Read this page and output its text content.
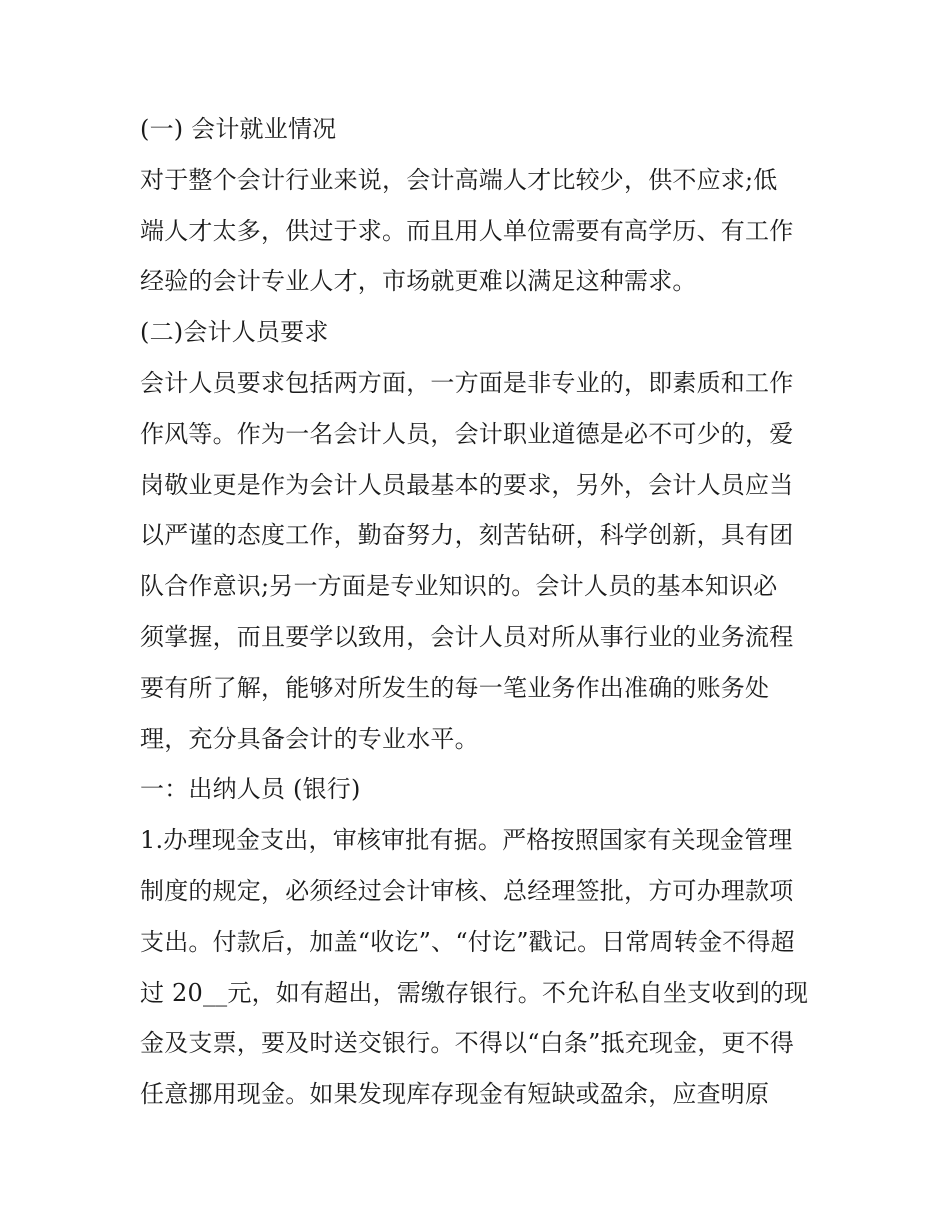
(一) 会计就业情况
对于整个会计行业来说，会计高端人才比较少，供不应求;低
端人才太多，供过于求。而且用人单位需要有高学历、有工作
经验的会计专业人才，市场就更难以满足这种需求。
(二)会计人员要求
会计人员要求包括两方面，一方面是非专业的，即素质和工作
作风等。作为一名会计人员，会计职业道德是必不可少的，爱
岗敬业更是作为会计人员最基本的要求，另外，会计人员应当
以严谨的态度工作，勤奋努力，刻苦钻研，科学创新，具有团
队合作意识;另一方面是专业知识的。会计人员的基本知识必
须掌握，而且要学以致用，会计人员对所从事行业的业务流程
要有所了解，能够对所发生的每一笔业务作出准确的账务处
理，充分具备会计的专业水平。
一：出纳人员 (银行)
1.办理现金支出，审核审批有据。严格按照国家有关现金管理
制度的规定，必须经过会计审核、总经理签批，方可办理款项
支出。付款后，加盖“收讫”、“付讫”戳记。日常周转金不得超
过 20__元，如有超出，需缴存银行。不允许私自坐支收到的现
金及支票，要及时送交银行。不得以“白条”抵充现金，更不得
任意挪用现金。如果发现库存现金有短缺或盈余，应查明原
